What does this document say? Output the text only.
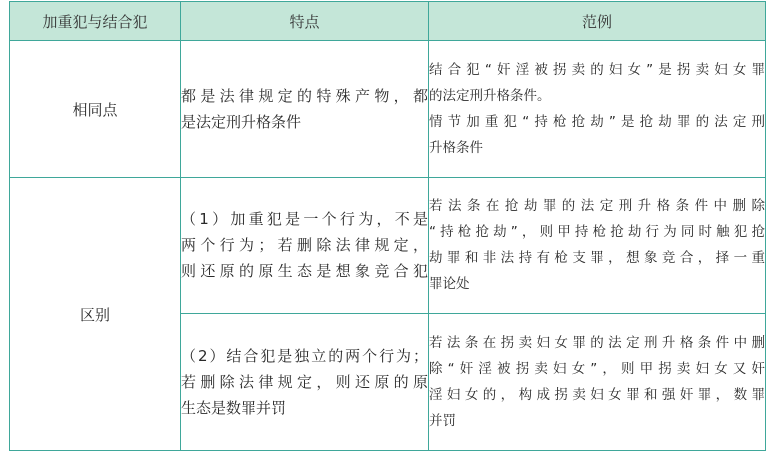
加重犯与结合犯	特点	范例
相同点	都是法律规定的特殊产物，都
是法定刑升格条件	结合犯“奸淫被拐卖的妇女”是拐卖妇女罪
的法定刑升格条件。
情节加重犯“持枪抢劫”是抢劫罪的法定刑
升格条件

区别	（1）加重犯是一个行为，不是
两个行为；若删除法律规定，
则还原的原生态是想象竞合犯	若法条在抢劫罪的法定刑升格条件中删除
“持枪抢劫”，则甲持枪抢劫行为同时触犯抢
劫罪和非法持有枪支罪，想象竞合，择一重
罪论处

	（2）结合犯是独立的两个行为；
若删除法律规定，则还原的原
生态是数罪并罚	若法条在拐卖妇女罪的法定刑升格条件中删
除“奸淫被拐卖妇女”，则甲拐卖妇女又奸
淫妇女的，构成拐卖妇女罪和强奸罪，数罪
并罚
